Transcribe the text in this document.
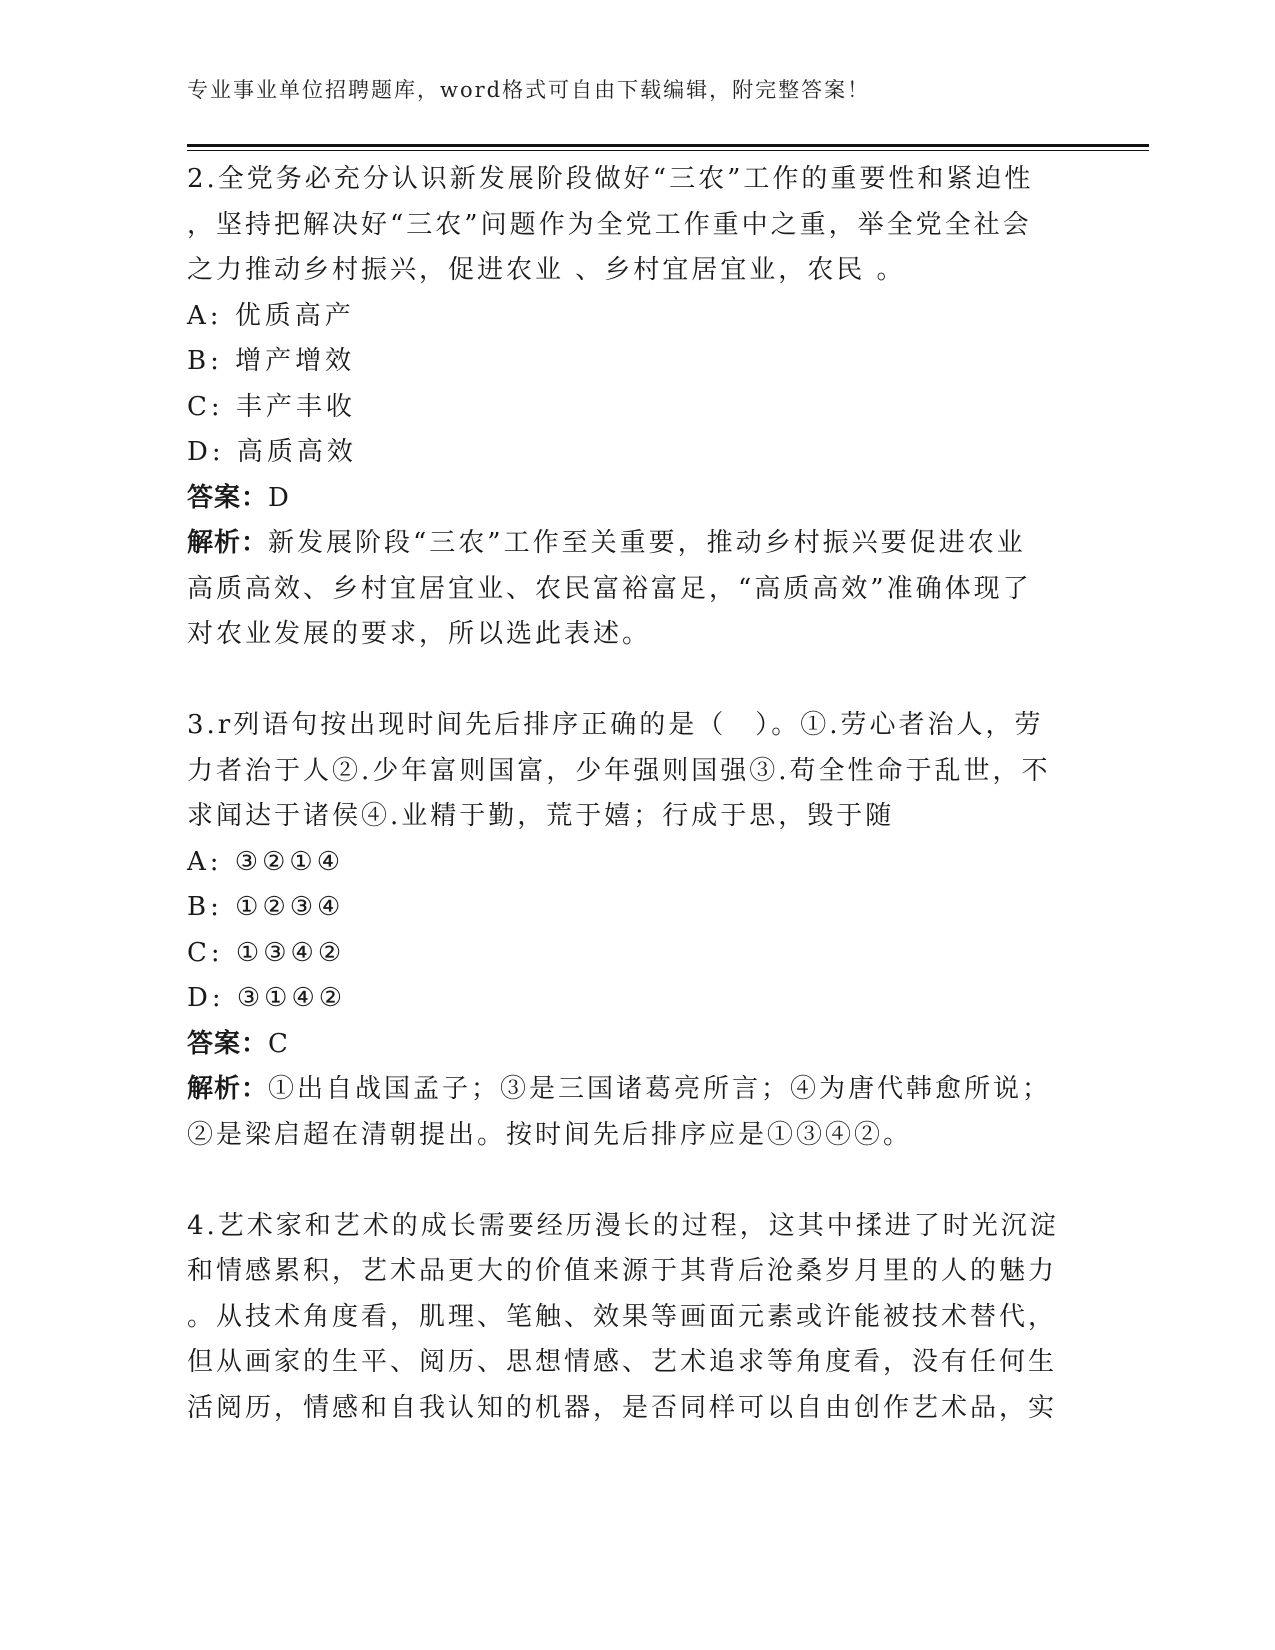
专业事业单位招聘题库，word格式可自由下载编辑，附完整答案！

2.全党务必充分认识新发展阶段做好“三农”工作的重要性和紧迫性

，坚持把解决好“三农”问题作为全党工作重中之重，举全党全社会

之力推动乡村振兴，促进农业 、乡村宜居宜业，农民 。

A: 优质高产

B: 增产增效

C: 丰产丰收

D: 高质高效

答案：D

解析：新发展阶段“三农”工作至关重要，推动乡村振兴要促进农业

高质高效、乡村宜居宜业、农民富裕富足，“高质高效”准确体现了

对农业发展的要求，所以选此表述。

3.r列语句按出现时间先后排序正确的是（　）。①.劳心者治人，劳

力者治于人②.少年富则国富，少年强则国强③.苟全性命于乱世，不

求闻达于诸侯④.业精于勤，荒于嬉；行成于思，毁于随

A: ③②①④

B: ①②③④

C: ①③④②

D: ③①④②

答案：C

解析：①出自战国孟子；③是三国诸葛亮所言；④为唐代韩愈所说；

②是梁启超在清朝提出。按时间先后排序应是①③④②。

4.艺术家和艺术的成长需要经历漫长的过程，这其中揉进了时光沉淀

和情感累积，艺术品更大的价值来源于其背后沧桑岁月里的人的魅力

。从技术角度看，肌理、笔触、效果等画面元素或许能被技术替代，

但从画家的生平、阅历、思想情感、艺术追求等角度看，没有任何生

活阅历，情感和自我认知的机器，是否同样可以自由创作艺术品，实
